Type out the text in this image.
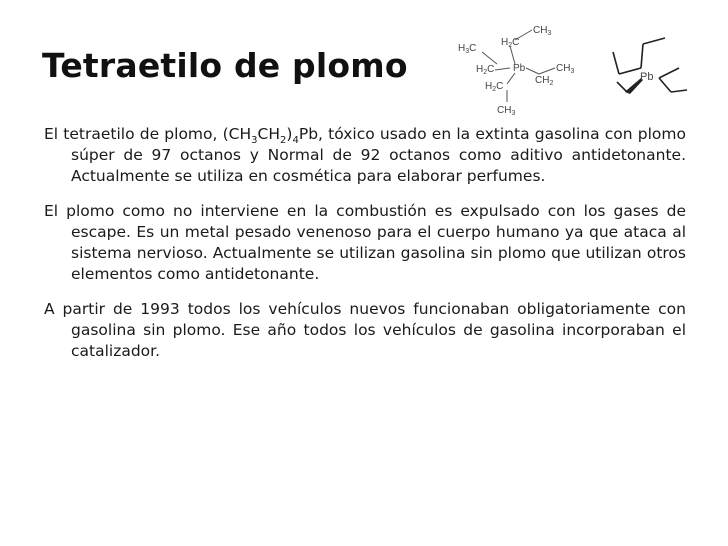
Tetraetilo de plomo
$CH_3$
$H_2C$
$H_3C$
$H_2C$ Pb	$CH_3$
$CH_2$
$H_2C$
$CH_3$
Pb

El tetraetilo de plomo, $(CH_3CH_2)_4Pb$, tóxico usado en la extinta gasolina con plomo súper de 97 octanos y Normal de 92 octanos como aditivo antidetonante. Actualmente se utiliza en cosmética para elaborar perfumes.

El plomo como no interviene en la combustión es expulsado con los gases de escape. Es un metal pesado venenoso para el cuerpo humano ya que ataca al sistema nervioso. Actualmente se utilizan gasolina sin plomo que utilizan otros elementos como antidetonante.

A partir de 1993 todos los vehículos nuevos funcionaban obligatoriamente con gasolina sin plomo. Ese año todos los vehículos de gasolina incorporaban el catalizador.
